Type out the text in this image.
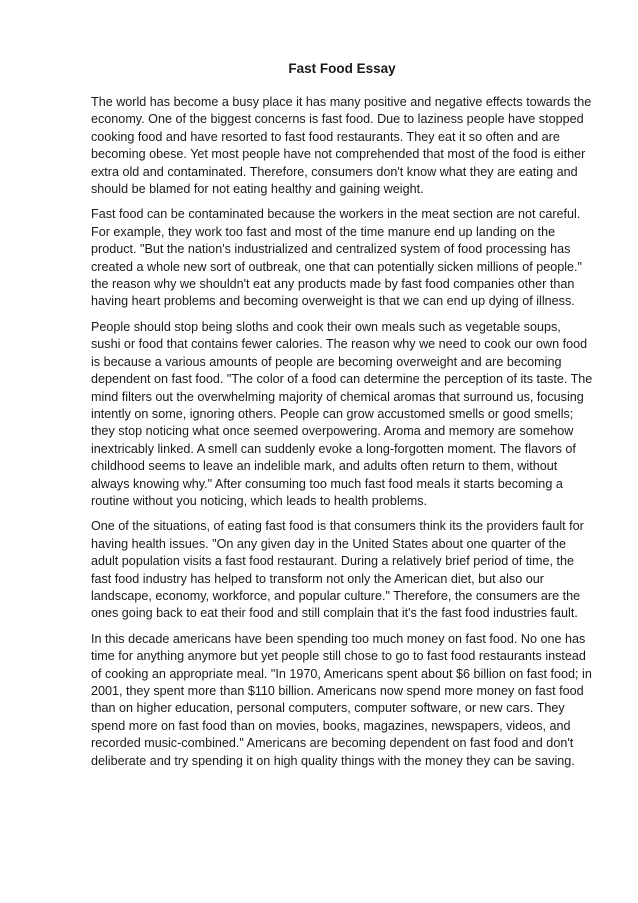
Fast Food Essay

The world has become a busy place it has many positive and negative effects towards the economy. One of the biggest concerns is fast food. Due to laziness people have stopped cooking food and have resorted to fast food restaurants. They eat it so often and are becoming obese. Yet most people have not comprehended that most of the food is either extra old and contaminated. Therefore, consumers don't know what they are eating and should be blamed for not eating healthy and gaining weight.

Fast food can be contaminated because the workers in the meat section are not careful. For example, they work too fast and most of the time manure end up landing on the product. "But the nation's industrialized and centralized system of food processing has created a whole new sort of outbreak, one that can potentially sicken millions of people." the reason why we shouldn't eat any products made by fast food companies other than having heart problems and becoming overweight is that we can end up dying of illness.

People should stop being sloths and cook their own meals such as vegetable soups, sushi or food that contains fewer calories. The reason why we need to cook our own food is because a various amounts of people are becoming overweight and are becoming dependent on fast food. "The color of a food can determine the perception of its taste. The mind filters out the overwhelming majority of chemical aromas that surround us, focusing intently on some, ignoring others. People can grow accustomed smells or good smells; they stop noticing what once seemed overpowering. Aroma and memory are somehow inextricably linked. A smell can suddenly evoke a long-forgotten moment. The flavors of childhood seems to leave an indelible mark, and adults often return to them, without always knowing why." After consuming too much fast food meals it starts becoming a routine without you noticing, which leads to health problems.

One of the situations, of eating fast food is that consumers think its the providers fault for having health issues. "On any given day in the United States about one quarter of the adult population visits a fast food restaurant. During a relatively brief period of time, the fast food industry has helped to transform not only the American diet, but also our landscape, economy, workforce, and popular culture." Therefore, the consumers are the ones going back to eat their food and still complain that it's the fast food industries fault.

In this decade americans have been spending too much money on fast food. No one has time for anything anymore but yet people still chose to go to fast food restaurants instead of cooking an appropriate meal. "In 1970, Americans spent about $6 billion on fast food; in 2001, they spent more than $110 billion. Americans now spend more money on fast food than on higher education, personal computers, computer software, or new cars. They spend more on fast food than on movies, books, magazines, newspapers, videos, and recorded music-combined." Americans are becoming dependent on fast food and don't deliberate and try spending it on high quality things with the money they can be saving.
